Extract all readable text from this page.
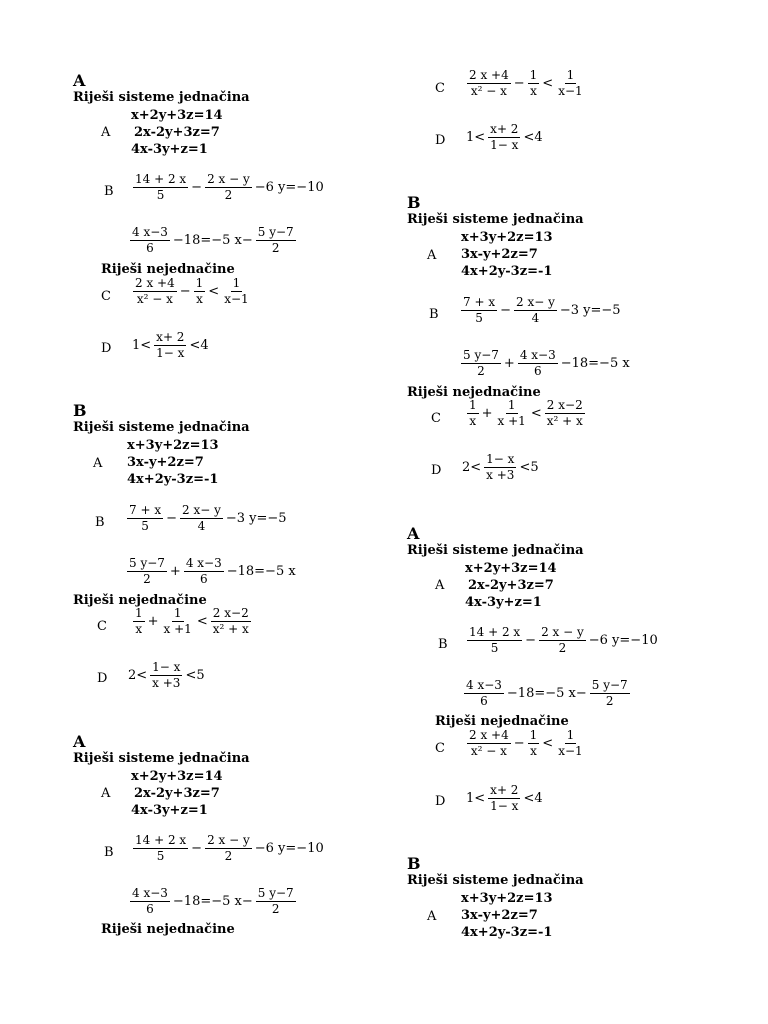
A
Riješi sisteme jednačina
A
x+2y+3z=14
2x-2y+3z=7
4x-3y+z=1
B $\frac{14 + 2 x}{5} - \frac{2 x - y}{2} -6$ y=−10
$\frac{4 x-3}{6} -18=-5$ $x- \frac{5 y-7}{2}$
Riješi nejednačine
C $\frac{2 x +4}{\text{x² − x}} - \frac{1}{x} < \frac{1}{x-1}$
D $1< \frac{x+ 2}{1- x} <4$
B
Riješi sisteme jednačina
A
x+3y+2z=13
3x-y+2z=7
4x+2y-3z=-1
B $\frac{7 + x}{5} - \frac{2 x- y}{4} -3$ y=−5
$\frac{5 y-7}{2} + \frac{4 x-3}{6} -18=-5$ x
Riješi nejednačine
C $\frac{1}{x} + \frac{1}{x +1} < \frac{2 x-2}{\text{x² + x}}$
D $2< \frac{1- x}{x +3} <5$
A
Riješi sisteme jednačina
A
x+2y+3z=14
2x-2y+3z=7
4x-3y+z=1
B $\frac{14 + 2 x}{5} - \frac{2 x - y}{2} -6$ y=−10
$\frac{4 x-3}{6} -18=-5$ $x- \frac{5 y-7}{2}$
Riješi nejednačine
C $\frac{2 x +4}{\text{x² − x}} - \frac{1}{x} < \frac{1}{x-1}$
D $1< \frac{x+ 2}{1- x} <4$
B
Riješi sisteme jednačina
A
x+3y+2z=13
3x-y+2z=7
4x+2y-3z=-1
B $\frac{7 + x}{5} - \frac{2 x- y}{4} -3$ y=−5
$\frac{5 y-7}{2} + \frac{4 x-3}{6} -18=-5$ x
Riješi nejednačine
C $\frac{1}{x} + \frac{1}{x +1} < \frac{2 x-2}{\text{x² + x}}$
D $2< \frac{1- x}{x +3} <5$
A
Riješi sisteme jednačina
A
x+2y+3z=14
2x-2y+3z=7
4x-3y+z=1
B $\frac{14 + 2 x}{5} - \frac{2 x - y}{2} -6$ y=−10
$\frac{4 x-3}{6} -18=-5$ $x- \frac{5 y-7}{2}$
Riješi nejednačine
C $\frac{2 x +4}{\text{x² − x}} - \frac{1}{x} < \frac{1}{x-1}$
D $1< \frac{x+ 2}{1- x} <4$
B
Riješi sisteme jednačina
A
x+3y+2z=13
3x-y+2z=7
4x+2y-3z=-1
